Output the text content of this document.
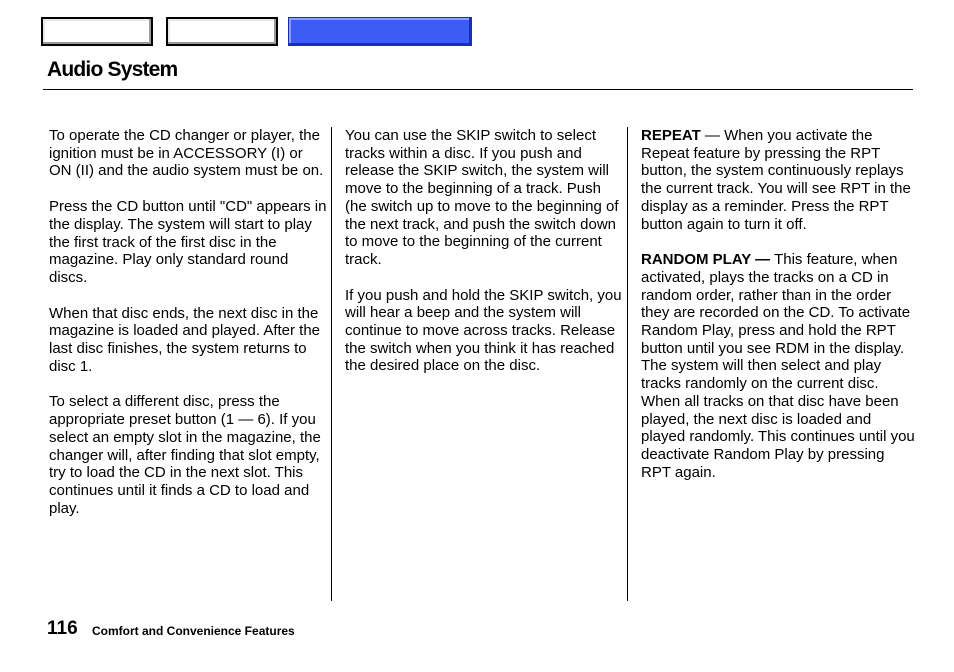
Audio System

To operate the CD changer or player, the ignition must be in ACCESSORY (I) or ON (II) and the audio system must be on.

Press the CD button until "CD" appears in the display. The system will start to play the first track of the first disc in the magazine. Play only standard round discs.

When that disc ends, the next disc in the magazine is loaded and played. After the last disc finishes, the system returns to disc 1.

To select a different disc, press the appropriate preset button (1 — 6). If you select an empty slot in the magazine, the changer will, after finding that slot empty, try to load the CD in the next slot. This continues until it finds a CD to load and play.

You can use the SKIP switch to select tracks within a disc. If you push and release the SKIP switch, the system will move to the beginning of a track. Push (he switch up to move to the beginning of the next track, and push the switch down to move to the beginning of the current track.

If you push and hold the SKIP switch, you will hear a beep and the system will continue to move across tracks. Release the switch when you think it has reached the desired place on the disc.

REPEAT — When you activate the Repeat feature by pressing the RPT button, the system continuously replays the current track. You will see RPT in the display as a reminder. Press the RPT button again to turn it off.

RANDOM PLAY — This feature, when activated, plays the tracks on a CD in random order, rather than in the order they are recorded on the CD. To activate Random Play, press and hold the RPT button until you see RDM in the display. The system will then select and play tracks randomly on the current disc. When all tracks on that disc have been played, the next disc is loaded and played randomly. This continues until you deactivate Random Play by pressing RPT again.

116 Comfort and Convenience Features
